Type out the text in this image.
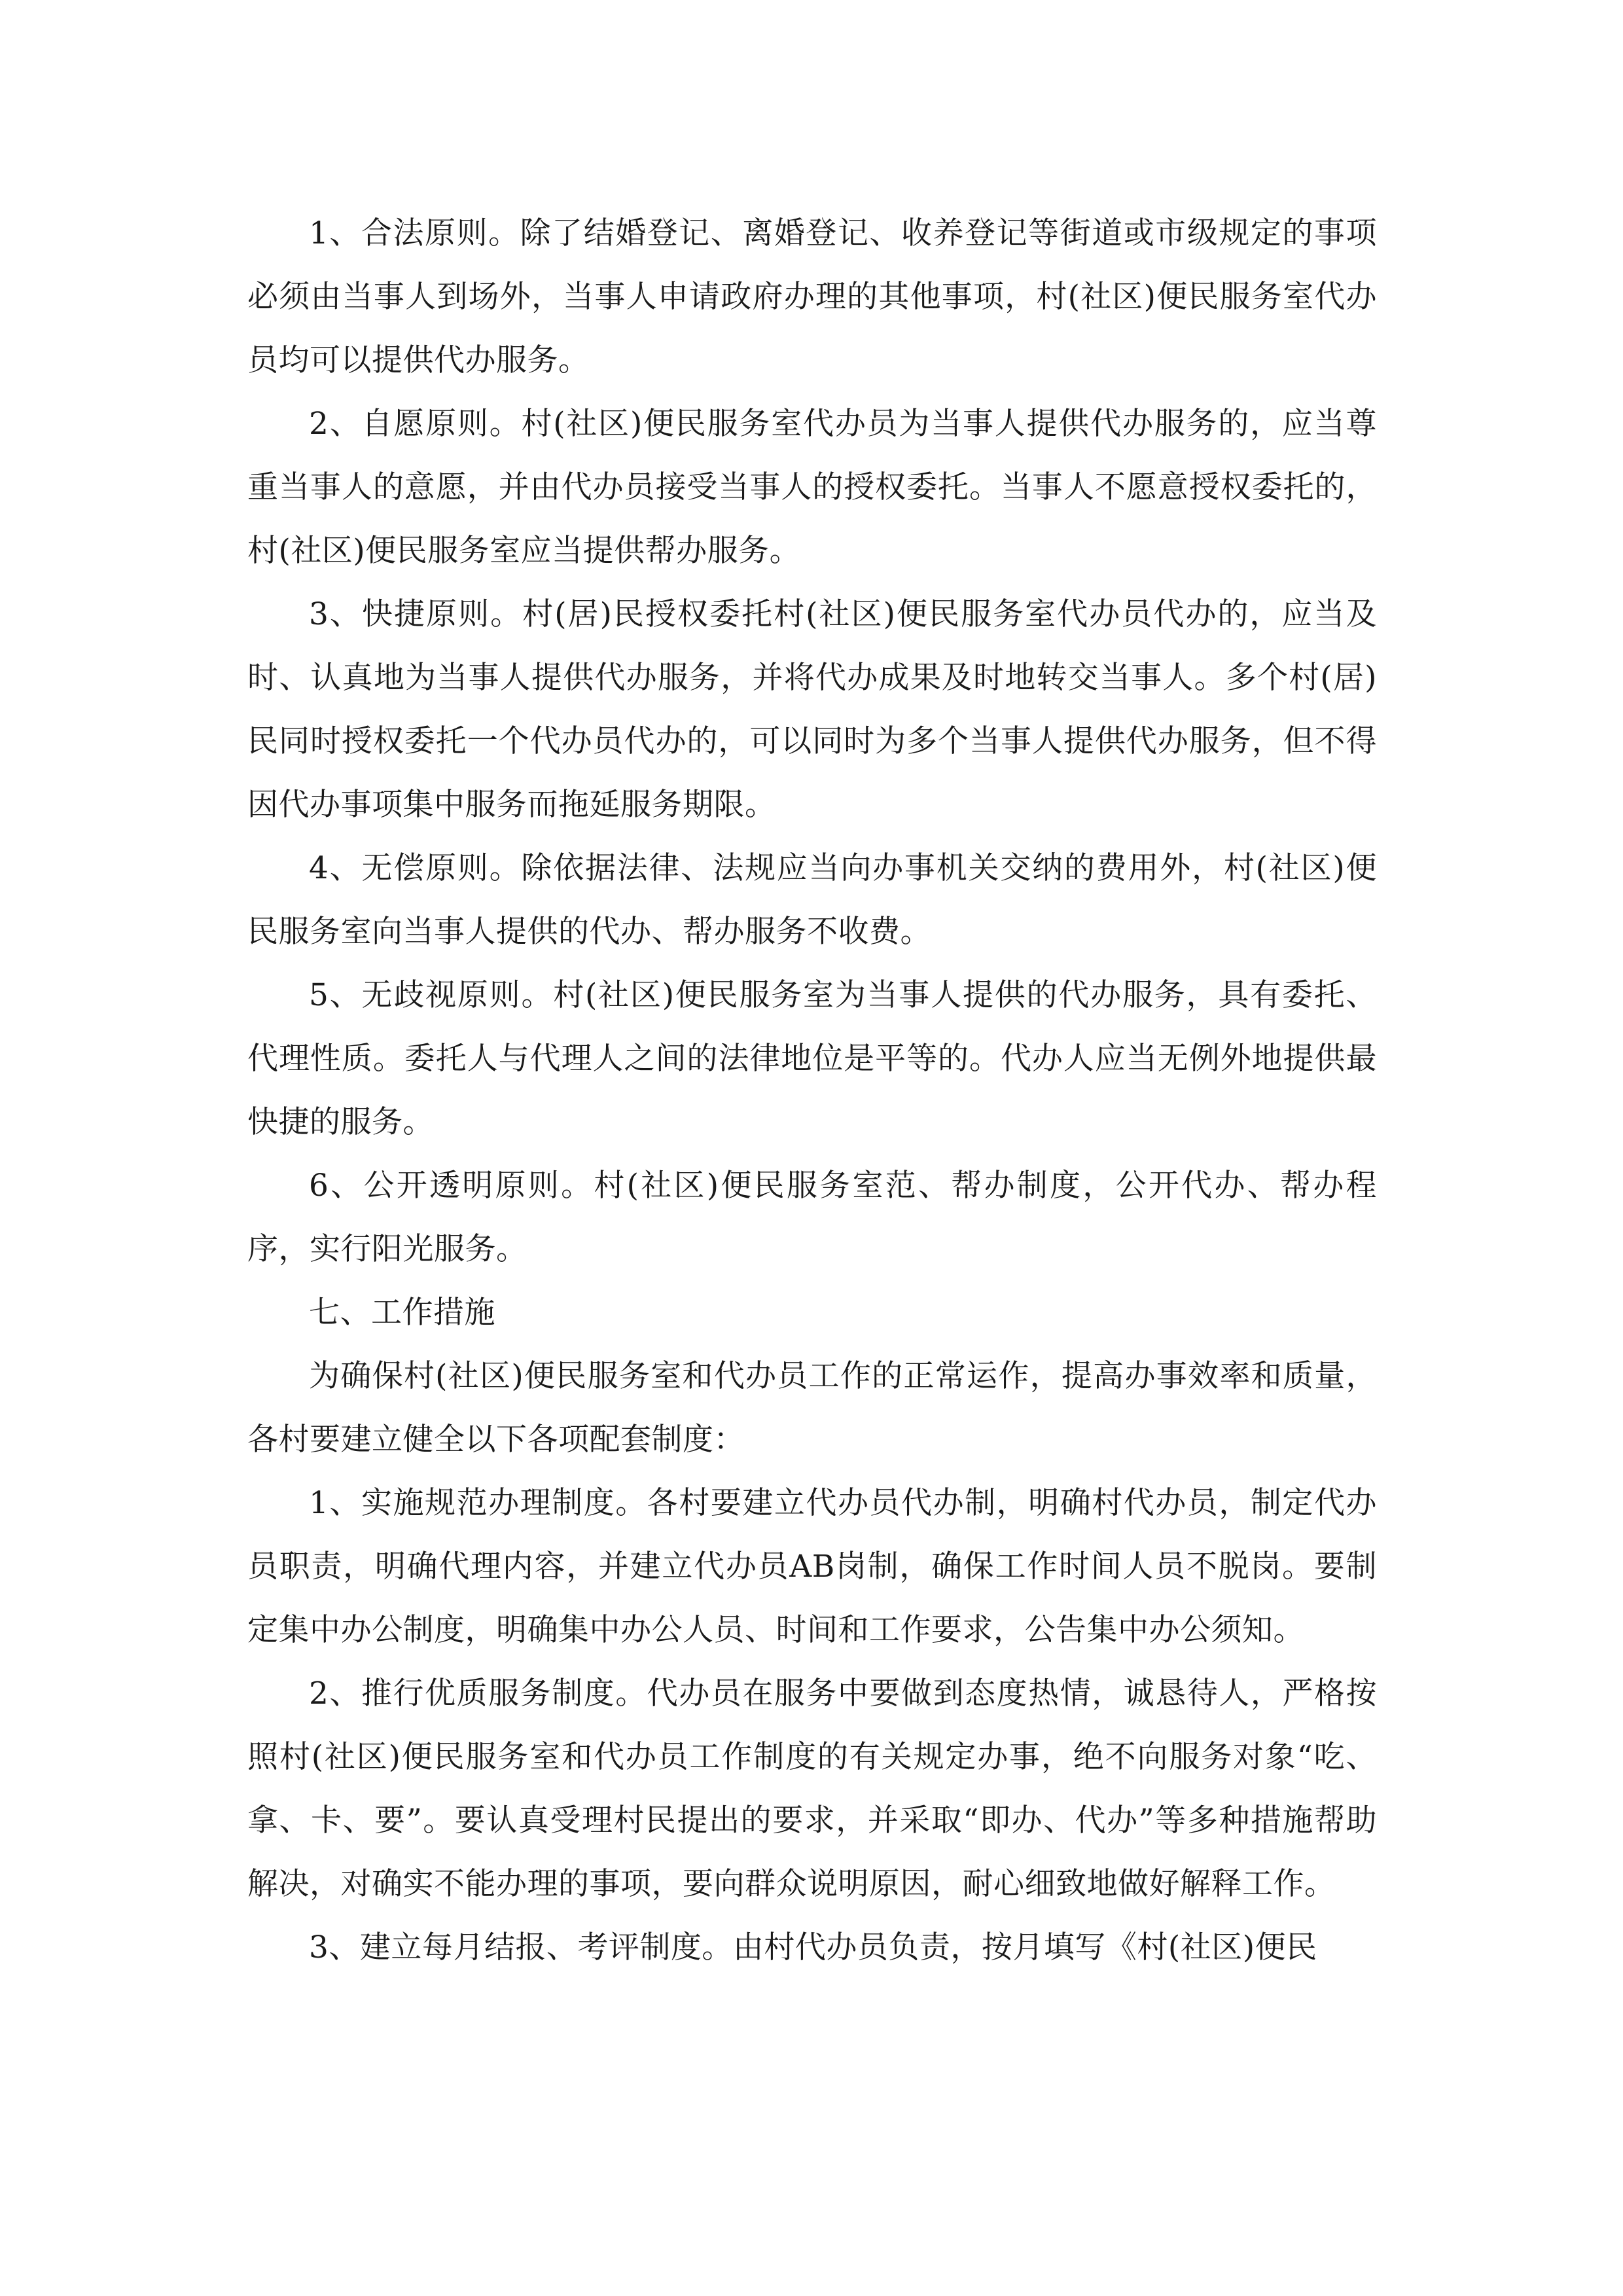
1、合法原则。除了结婚登记、离婚登记、收养登记等街道或市级规定的事项必须由当事人到场外，当事人申请政府办理的其他事项，村(社区)便民服务室代办员均可以提供代办服务。

2、自愿原则。村(社区)便民服务室代办员为当事人提供代办服务的，应当尊重当事人的意愿，并由代办员接受当事人的授权委托。当事人不愿意授权委托的，村(社区)便民服务室应当提供帮办服务。

3、快捷原则。村(居)民授权委托村(社区)便民服务室代办员代办的，应当及时、认真地为当事人提供代办服务，并将代办成果及时地转交当事人。多个村(居)民同时授权委托一个代办员代办的，可以同时为多个当事人提供代办服务，但不得因代办事项集中服务而拖延服务期限。

4、无偿原则。除依据法律、法规应当向办事机关交纳的费用外，村(社区)便民服务室向当事人提供的代办、帮办服务不收费。

5、无歧视原则。村(社区)便民服务室为当事人提供的代办服务，具有委托、代理性质。委托人与代理人之间的法律地位是平等的。代办人应当无例外地提供最快捷的服务。

6、公开透明原则。村(社区)便民服务室范、帮办制度，公开代办、帮办程序，实行阳光服务。

七、工作措施

为确保村(社区)便民服务室和代办员工作的正常运作，提高办事效率和质量，各村要建立健全以下各项配套制度：

1、实施规范办理制度。各村要建立代办员代办制，明确村代办员，制定代办员职责，明确代理内容，并建立代办员AB岗制，确保工作时间人员不脱岗。要制定集中办公制度，明确集中办公人员、时间和工作要求，公告集中办公须知。

2、推行优质服务制度。代办员在服务中要做到态度热情，诚恳待人，严格按照村(社区)便民服务室和代办员工作制度的有关规定办事，绝不向服务对象“吃、拿、卡、要”。要认真受理村民提出的要求，并采取“即办、代办”等多种措施帮助解决，对确实不能办理的事项，要向群众说明原因，耐心细致地做好解释工作。

3、建立每月结报、考评制度。由村代办员负责，按月填写《村(社区)便民
